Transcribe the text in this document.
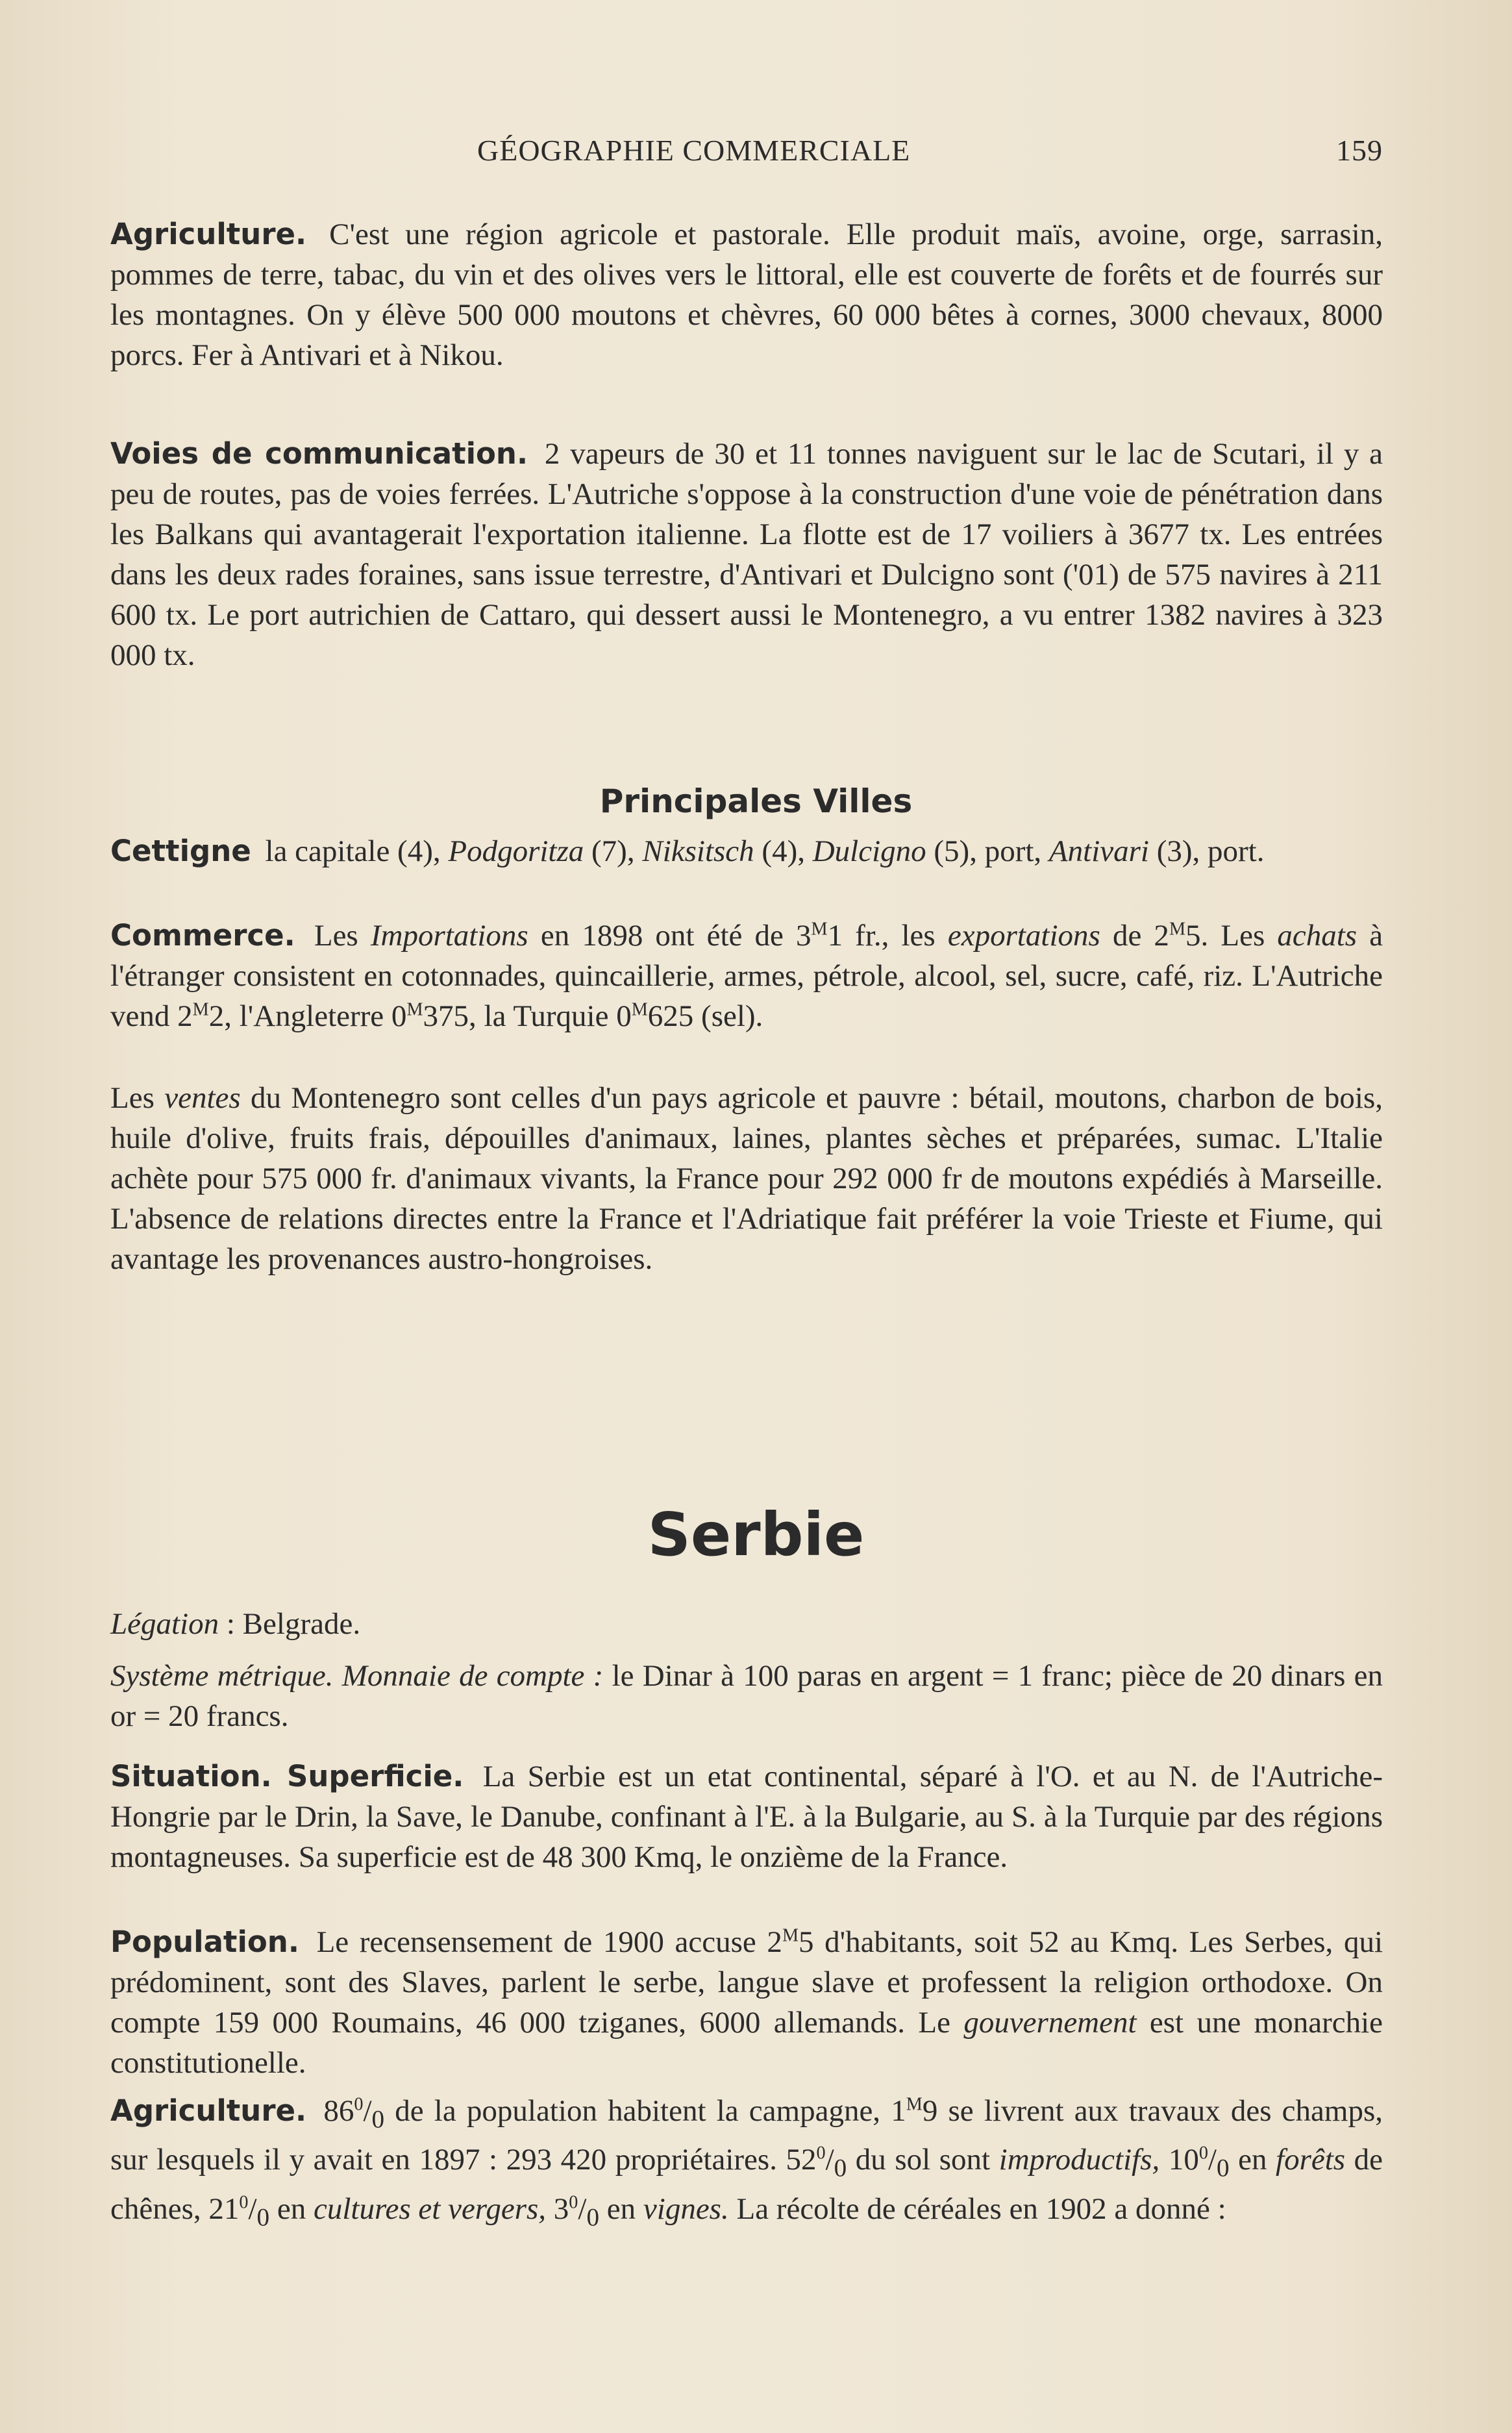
GÉOGRAPHIE COMMERCIALE	159

Agriculture. C'est une région agricole et pastorale. Elle produit maïs, avoine, orge, sarrasin, pommes de terre, tabac, du vin et des olives vers le littoral, elle est couverte de forêts et de fourrés sur les montagnes. On y élève 500 000 moutons et chèvres, 60 000 bêtes à cornes, 3000 chevaux, 8000 porcs. Fer à Antivari et à Nikou.

Voies de communication. 2 vapeurs de 30 et 11 tonnes naviguent sur le lac de Scutari, il y a peu de routes, pas de voies ferrées. L'Autriche s'oppose à la construction d'une voie de pénétration dans les Balkans qui avantagerait l'exportation italienne. La flotte est de 17 voiliers à 3677 tx. Les entrées dans les deux rades foraines, sans issue terrestre, d'Antivari et Dulcigno sont ('01) de 575 navires à 211 600 tx. Le port autrichien de Cattaro, qui dessert aussi le Montenegro, a vu entrer 1382 navires à 323 000 tx.

Principales Villes

Cettigne la capitale (4), Podgoritza (7), Niksitsch (4), Dulcigno (5), port, Antivari (3), port.

Commerce. Les Importations en 1898 ont été de $3^M1$ fr., les exportations de $2^M5$. Les achats à l'étranger consistent en cotonnades, quincaillerie, armes, pétrole, alcool, sel, sucre, café, riz. L'Autriche vend $2^M2$, l'Angleterre $0^M375$, la Turquie $0^M625$ (sel).

Les ventes du Montenegro sont celles d'un pays agricole et pauvre : bétail, moutons, charbon de bois, huile d'olive, fruits frais, dépouilles d'animaux, laines, plantes sèches et préparées, sumac. L'Italie achète pour 575 000 fr. d'animaux vivants, la France pour 292 000 fr de moutons expédiés à Marseille. L'absence de relations directes entre la France et l'Adriatique fait préférer la voie Trieste et Fiume, qui avantage les provenances austro-hongroises.

Serbie

Légation : Belgrade.

Système métrique. Monnaie de compte : le Dinar à 100 paras en argent = 1 franc; pièce de 20 dinars en or = 20 francs.

Situation. Superficie. La Serbie est un etat continental, séparé à l'O. et au N. de l'Autriche-Hongrie par le Drin, la Save, le Danube, confinant à l'E. à la Bulgarie, au S. à la Turquie par des régions montagneuses. Sa superficie est de 48 300 Kmq, le onzième de la France.

Population. Le recensensement de 1900 accuse $2^M5$ d'habitants, soit 52 au Kmq. Les Serbes, qui prédominent, sont des Slaves, parlent le serbe, langue slave et professent la religion orthodoxe. On compte 159 000 Roumains, 46 000 tziganes, 6000 allemands. Le gouvernement est une monarchie constitutionelle.

Agriculture. $86^0/_0$ de la population habitent la campagne, $1^M9$ se livrent aux travaux des champs, sur lesquels il y avait en 1897 : 293 420 propriétaires. $52^0/_0$ du sol sont improductifs, $10^0/_0$ en forêts de chênes, $21^0/_0$ en cultures et vergers, $3^0/_0$ en vignes. La récolte de céréales en 1902 a donné :
